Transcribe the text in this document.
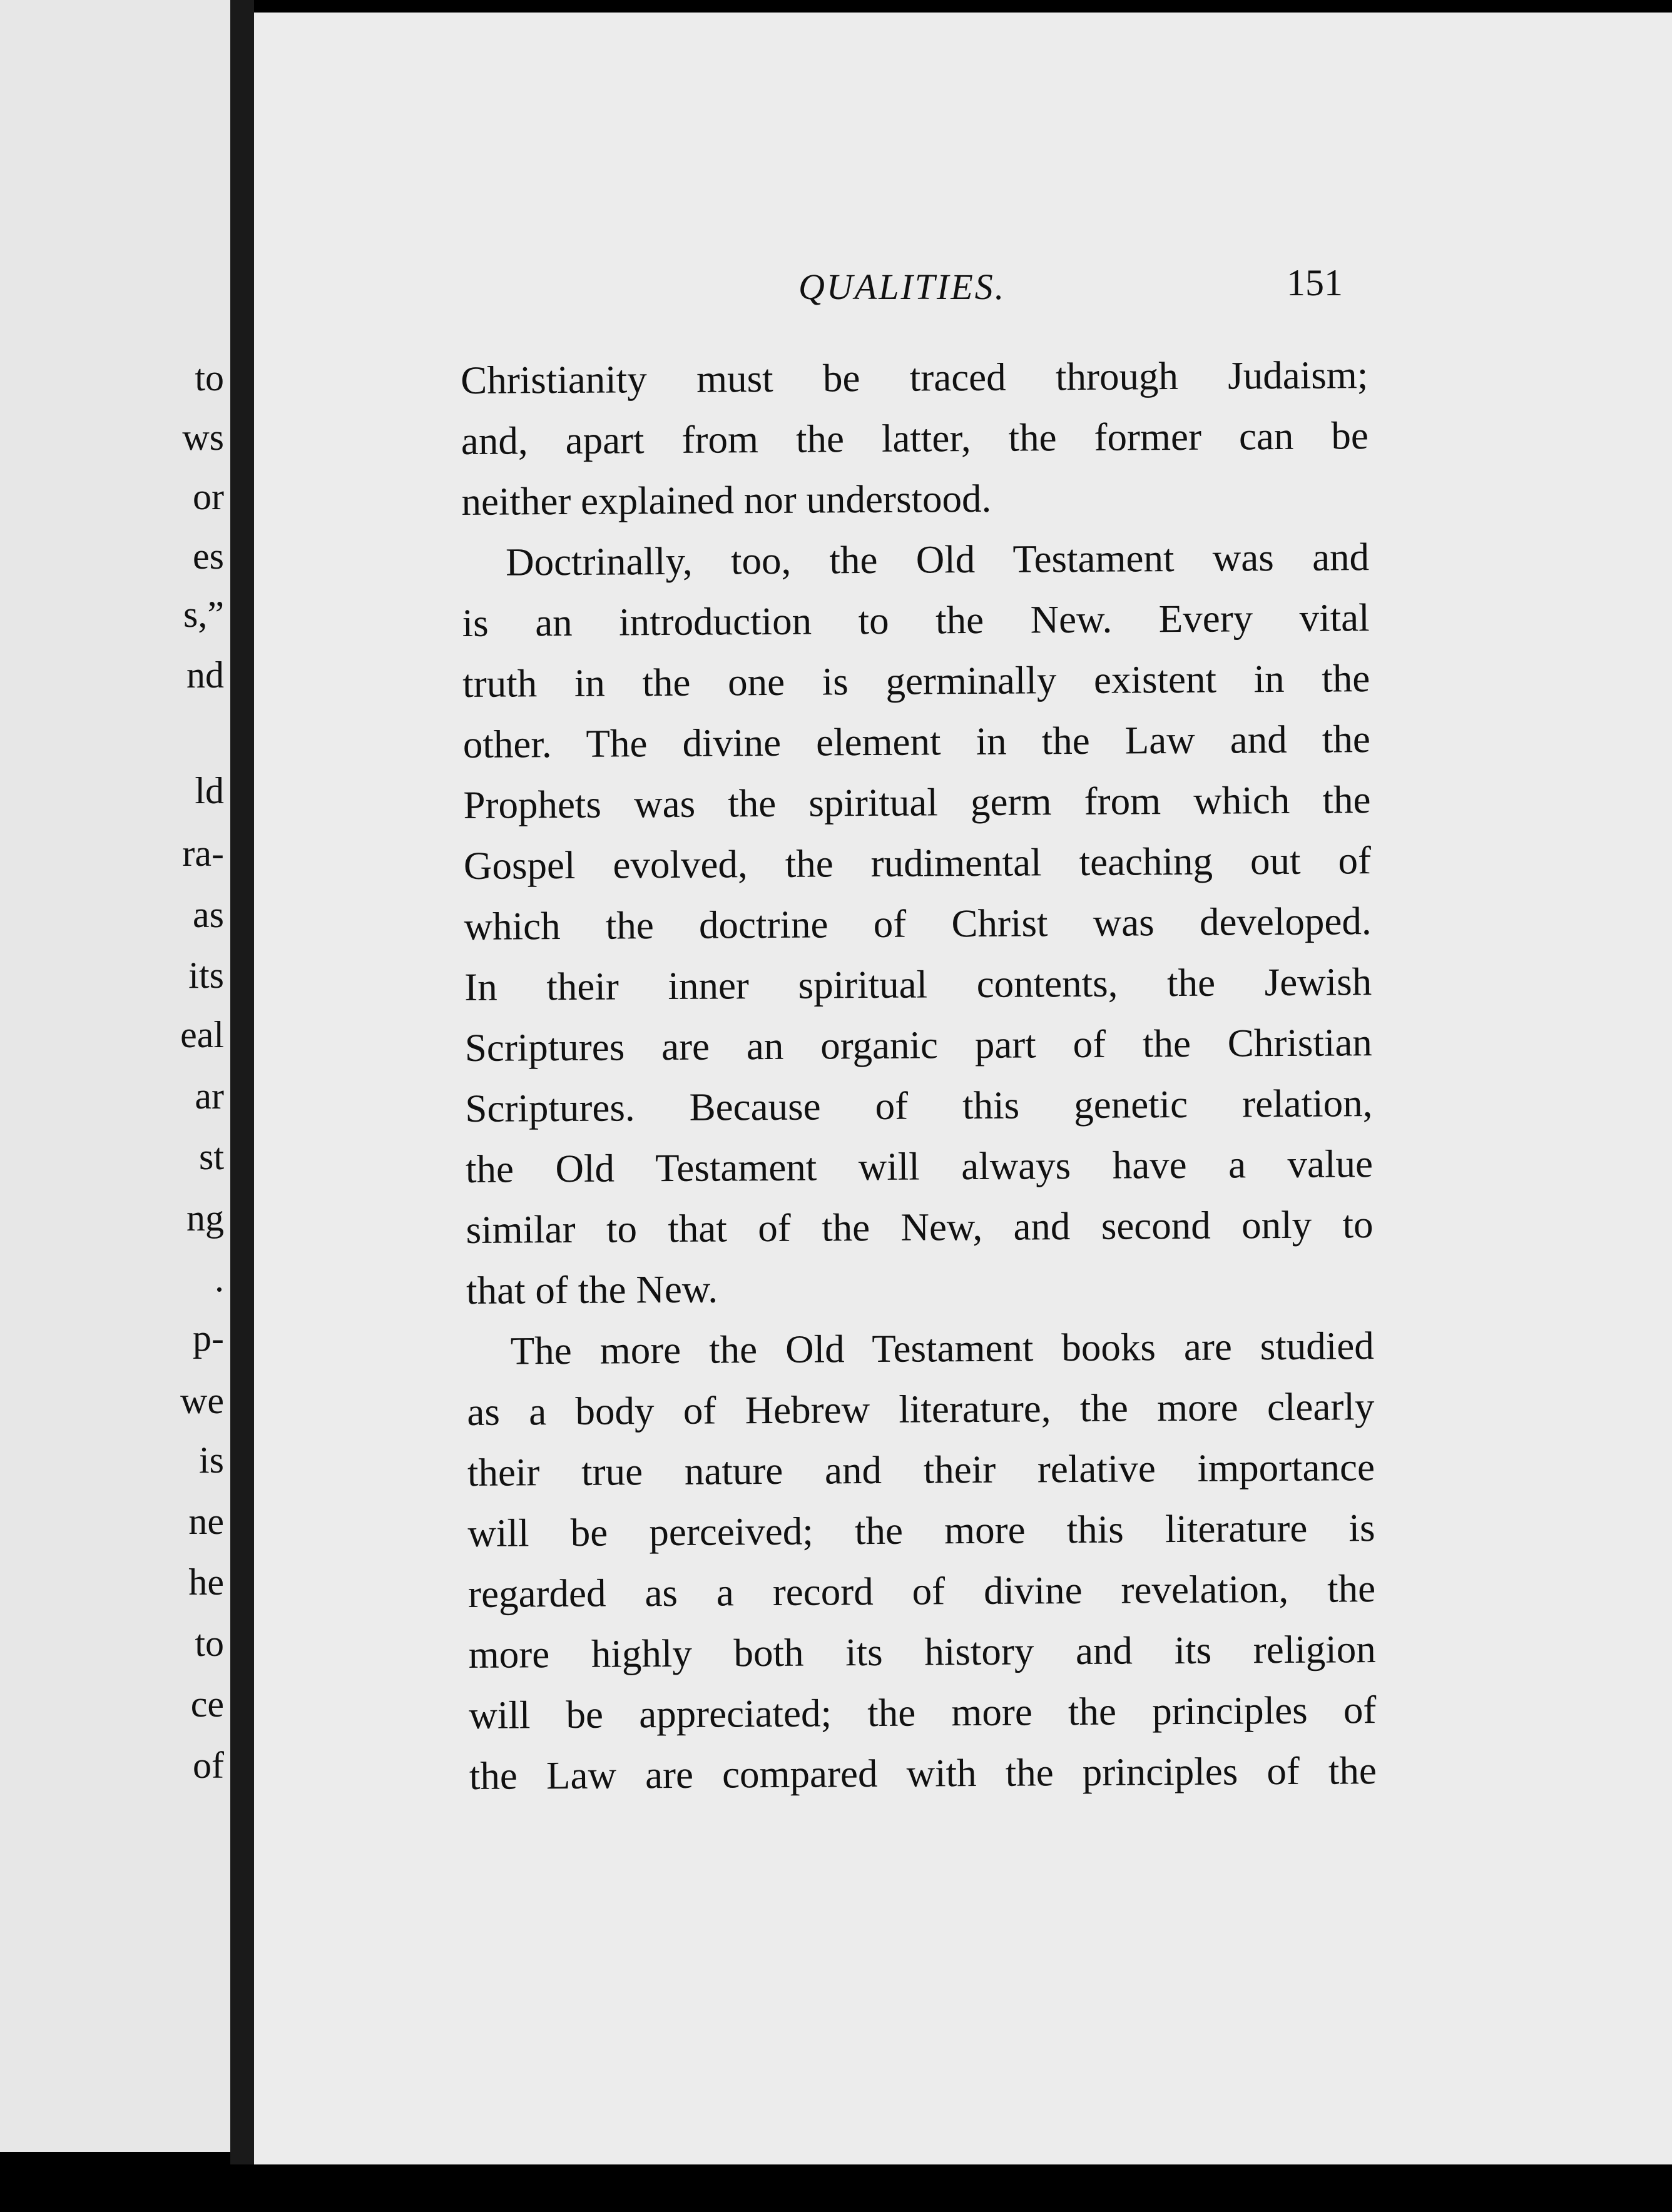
to
ws
or
es
s,”
nd
ld
ra-
as
its
eal
ar
st
ng
.
p-
we
is
ne
he
to
ce
of
QUALITIES.	151
Christianity must be traced through Judaism;
and, apart from the latter, the former can be
neither explained nor understood.
Doctrinally, too, the Old Testament was and
is an introduction to the New. Every vital
truth in the one is germinally existent in the
other. The divine element in the Law and the
Prophets was the spiritual germ from which the
Gospel evolved, the rudimental teaching out of
which the doctrine of Christ was developed.
In their inner spiritual contents, the Jewish
Scriptures are an organic part of the Christian
Scriptures. Because of this genetic relation,
the Old Testament will always have a value
similar to that of the New, and second only to
that of the New.
The more the Old Testament books are studied
as a body of Hebrew literature, the more clearly
their true nature and their relative importance
will be perceived; the more this literature is
regarded as a record of divine revelation, the
more highly both its history and its religion
will be appreciated; the more the principles of
the Law are compared with the principles of the
